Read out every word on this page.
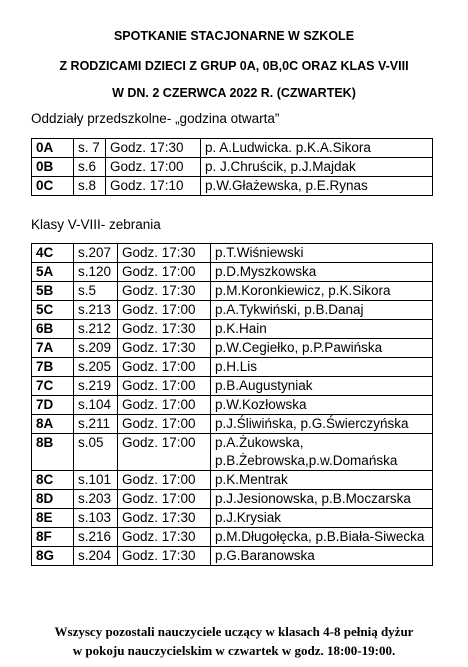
SPOTKANIE STACJONARNE W SZKOLE
Z RODZICAMI DZIECI Z GRUP 0A, 0B,0C ORAZ KLAS V-VIII
W DN. 2 CZERWCA 2022 R. (CZWARTEK)
Oddziały przedszkolne- „godzina otwarta”
0A	s. 7	Godz. 17:30	p. A.Ludwicka. p.K.A.Sikora
0B	s.6	Godz. 17:00	p. J.Chruścik, p.J.Majdak
0C	s.8	Godz. 17:10	p.W.Głażewska, p.E.Rynas
Klasy V-VIII- zebrania
4C	s.207	Godz. 17:30	p.T.Wiśniewski
5A	s.120	Godz. 17:00	p.D.Myszkowska
5B	s.5	Godz. 17:30	p.M.Koronkiewicz, p.K.Sikora
5C	s.213	Godz. 17:00	p.A.Tykwiński, p.B.Danaj
6B	s.212	Godz. 17:30	p.K.Hain
7A	s.209	Godz. 17:30	p.W.Cegiełko, p.P.Pawińska
7B	s.205	Godz. 17:00	p.H.Lis
7C	s.219	Godz. 17:00	p.B.Augustyniak
7D	s.104	Godz. 17:00	p.W.Kozłowska
8A	s.211	Godz. 17:00	p.J.Śliwińska, p.G.Świerczyńska
8B	s.05	Godz. 17:00	p.A.Żukowska, p.B.Żebrowska,p.w.Domańska
8C	s.101	Godz. 17:00	p.K.Mentrak
8D	s.203	Godz. 17:00	p.J.Jesionowska, p.B.Moczarska
8E	s.103	Godz. 17:30	p.J.Krysiak
8F	s.216	Godz. 17:30	p.M.Długołęcka, p.B.Biała-Siwecka
8G	s.204	Godz. 17:30	p.G.Baranowska
Wszyscy pozostali nauczyciele uczący w klasach 4-8 pełnią dyżur
w pokoju nauczycielskim w czwartek w godz. 18:00-19:00.
